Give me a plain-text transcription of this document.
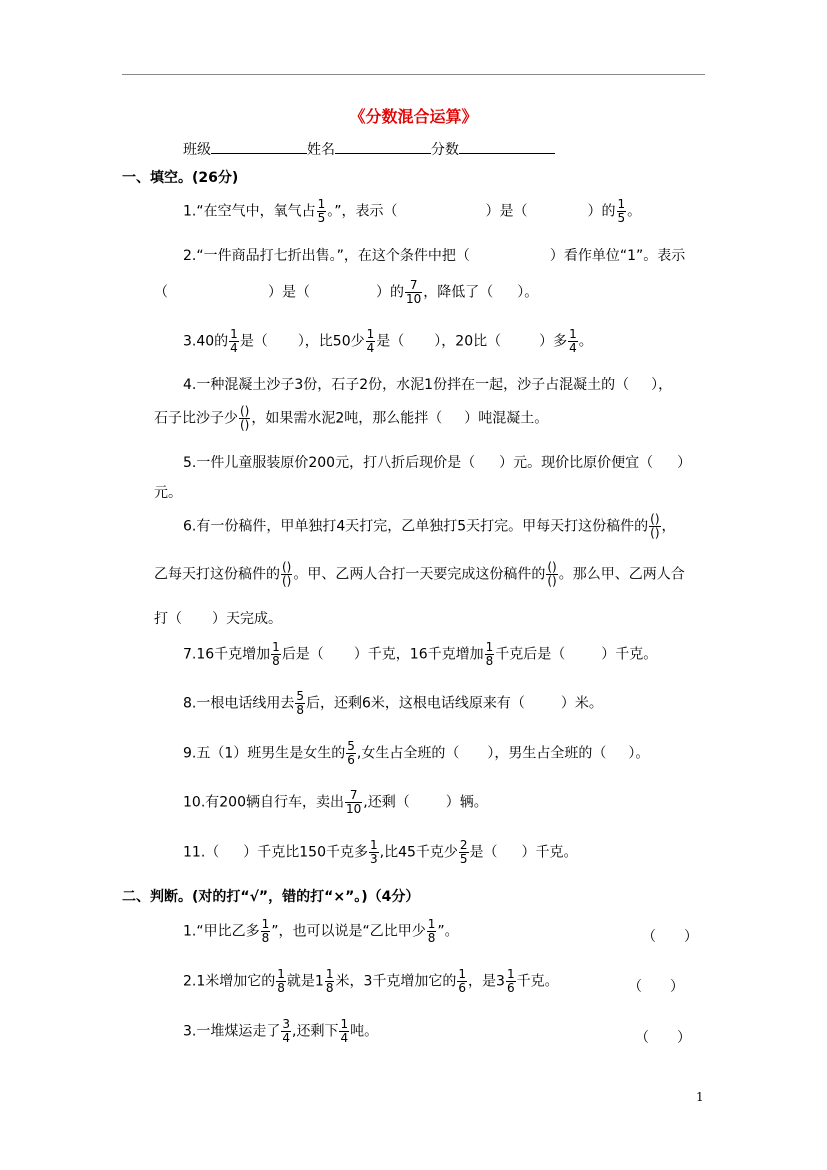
《分数混合运算》
班级	姓名	分数
一、填空。(26分)
1.“在空气中，氧气占 $\frac{1}{5}$ 。”，表示（	）是（	）的 $\frac{1}{5}$ 。
2.“一件商品打七折出售。”，在这个条件中把（	）看作单位“1”。表示
（	）是（	）的 $\frac{7}{10}$ ，降低了（ ）。
3.40的 $\frac{1}{4}$ 是（ ），比50少 $\frac{1}{4}$ 是（ ），20比（	）多 $\frac{1}{4}$ 。
4.一种混凝土沙子3份，石子2份，水泥1份拌在一起，沙子占混凝土的（ ），
石子比沙子少 $\frac{()}{()}$ ，如果需水泥2吨，那么能拌（ ）吨混凝土。
5.一件儿童服装原价200元，打八折后现价是（ ）元。现价比原价便宜（ ）
元。
6.有一份稿件，甲单独打4天打完，乙单独打5天打完。甲每天打这份稿件的 $\frac{()}{()}$ ，
乙每天打这份稿件的 $\frac{()}{()}$ 。甲、乙两人合打一天要完成这份稿件的 $\frac{()}{()}$ 。那么甲、乙两人合
打（ ）天完成。
7.16千克增加 $\frac{1}{8}$ 后是（ ）千克，16千克增加 $\frac{1}{8}$ 千克后是（	）千克。
8.一根电话线用去 $\frac{5}{8}$ 后，还剩6米，这根电话线原来有（	）米。
9.五（1）班男生是女生的 $\frac{5}{6}$ ,女生占全班的（ ），男生占全班的（ ）。
10.有200辆自行车，卖出 $\frac{7}{10}$ ,还剩（	）辆。
11.（ ）千克比150千克多 $\frac{1}{3}$ ,比45千克少 $\frac{2}{5}$ 是（ ）千克。
二、判断。(对的打“√”，错的打“×”。)（4分）
1.“甲比乙多 $\frac{1}{8}$ ”，也可以说是“乙比甲少 $\frac{1}{8}$ ”。	（　　）
2.1米增加它的 $\frac{1}{8}$ 就是$1 \frac{1}{8}$ 米，3千克增加它的 $\frac{1}{6}$ ，是$3 \frac{1}{6}$ 千克。	（　　）
3.一堆煤运走了 $\frac{3}{4}$ ,还剩下 $\frac{1}{4}$ 吨。	（　　）
1
